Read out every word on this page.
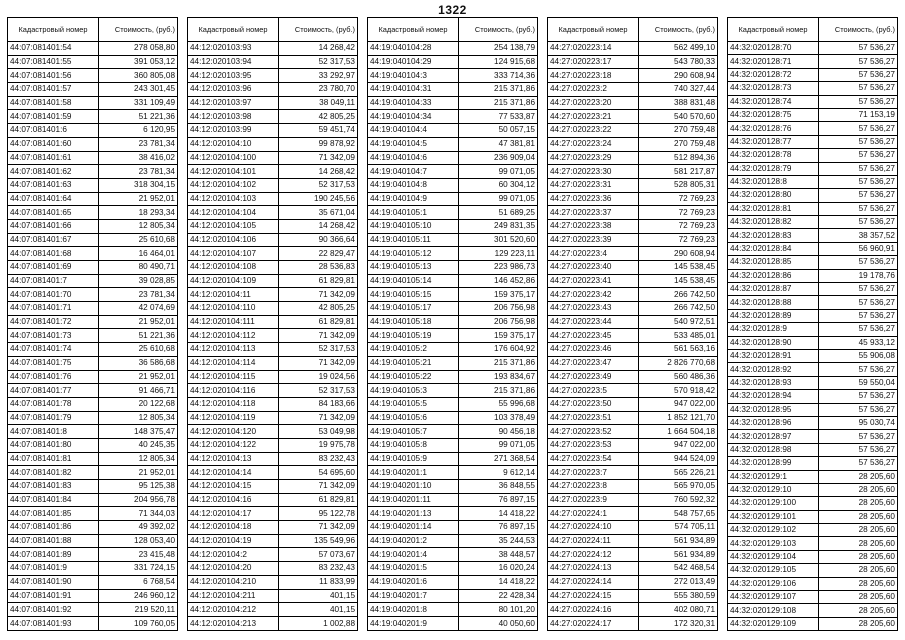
1322
Кадастровый номер	Стоимость, (руб.)
44:07:081401:54	278 058,80
44:07:081401:55	391 053,12
44:07:081401:56	360 805,08
44:07:081401:57	243 301,45
44:07:081401:58	331 109,49
44:07:081401:59	51 221,36
44:07:081401:6	6 120,95
44:07:081401:60	23 781,34
44:07:081401:61	38 416,02
44:07:081401:62	23 781,34
44:07:081401:63	318 304,15
44:07:081401:64	21 952,01
44:07:081401:65	18 293,34
44:07:081401:66	12 805,34
44:07:081401:67	25 610,68
44:07:081401:68	16 464,01
44:07:081401:69	80 490,71
44:07:081401:7	39 028,85
44:07:081401:70	23 781,34
44:07:081401:71	42 074,69
44:07:081401:72	21 952,01
44:07:081401:73	51 221,36
44:07:081401:74	25 610,68
44:07:081401:75	36 586,68
44:07:081401:76	21 952,01
44:07:081401:77	91 466,71
44:07:081401:78	20 122,68
44:07:081401:79	12 805,34
44:07:081401:8	148 375,47
44:07:081401:80	40 245,35
44:07:081401:81	12 805,34
44:07:081401:82	21 952,01
44:07:081401:83	95 125,38
44:07:081401:84	204 956,78
44:07:081401:85	71 344,03
44:07:081401:86	49 392,02
44:07:081401:88	128 053,40
44:07:081401:89	23 415,48
44:07:081401:9	331 724,15
44:07:081401:90	6 768,54
44:07:081401:91	246 960,12
44:07:081401:92	219 520,11
44:07:081401:93	109 760,05
Кадастровый номер	Стоимость, (руб.)
44:12:020103:93	14 268,42
44:12:020103:94	52 317,53
44:12:020103:95	33 292,97
44:12:020103:96	23 780,70
44:12:020103:97	38 049,11
44:12:020103:98	42 805,25
44:12:020103:99	59 451,74
44:12:020104:10	99 878,92
44:12:020104:100	71 342,09
44:12:020104:101	14 268,42
44:12:020104:102	52 317,53
44:12:020104:103	190 245,56
44:12:020104:104	35 671,04
44:12:020104:105	14 268,42
44:12:020104:106	90 366,64
44:12:020104:107	22 829,47
44:12:020104:108	28 536,83
44:12:020104:109	61 829,81
44:12:020104:11	71 342,09
44:12:020104:110	42 805,25
44:12:020104:111	61 829,81
44:12:020104:112	71 342,09
44:12:020104:113	52 317,53
44:12:020104:114	71 342,09
44:12:020104:115	19 024,56
44:12:020104:116	52 317,53
44:12:020104:118	84 183,66
44:12:020104:119	71 342,09
44:12:020104:120	53 049,98
44:12:020104:122	19 975,78
44:12:020104:13	83 232,43
44:12:020104:14	54 695,60
44:12:020104:15	71 342,09
44:12:020104:16	61 829,81
44:12:020104:17	95 122,78
44:12:020104:18	71 342,09
44:12:020104:19	135 549,96
44:12:020104:2	57 073,67
44:12:020104:20	83 232,43
44:12:020104:210	11 833,99
44:12:020104:211	401,15
44:12:020104:212	401,15
44:12:020104:213	1 002,88
Кадастровый номер	Стоимость, (руб.)
44:19:040104:28	254 138,79
44:19:040104:29	124 915,68
44:19:040104:3	333 714,36
44:19:040104:31	215 371,86
44:19:040104:33	215 371,86
44:19:040104:34	77 533,87
44:19:040104:4	50 057,15
44:19:040104:5	47 381,81
44:19:040104:6	236 909,04
44:19:040104:7	99 071,05
44:19:040104:8	60 304,12
44:19:040104:9	99 071,05
44:19:040105:1	51 689,25
44:19:040105:10	249 831,35
44:19:040105:11	301 520,60
44:19:040105:12	129 223,11
44:19:040105:13	223 986,73
44:19:040105:14	146 452,86
44:19:040105:15	159 375,17
44:19:040105:17	206 756,98
44:19:040105:18	206 756,98
44:19:040105:19	159 375,17
44:19:040105:2	176 604,92
44:19:040105:21	215 371,86
44:19:040105:22	193 834,67
44:19:040105:3	215 371,86
44:19:040105:5	55 996,68
44:19:040105:6	103 378,49
44:19:040105:7	90 456,18
44:19:040105:8	99 071,05
44:19:040105:9	271 368,54
44:19:040201:1	9 612,14
44:19:040201:10	36 848,55
44:19:040201:11	76 897,15
44:19:040201:13	14 418,22
44:19:040201:14	76 897,15
44:19:040201:2	35 244,53
44:19:040201:4	38 448,57
44:19:040201:5	16 020,24
44:19:040201:6	14 418,22
44:19:040201:7	22 428,34
44:19:040201:8	80 101,20
44:19:040201:9	40 050,60
Кадастровый номер	Стоимость, (руб.)
44:27:020223:14	562 499,10
44:27:020223:17	543 780,33
44:27:020223:18	290 608,94
44:27:020223:2	740 327,44
44:27:020223:20	388 831,48
44:27:020223:21	540 570,60
44:27:020223:22	270 759,48
44:27:020223:24	270 759,48
44:27:020223:29	512 894,36
44:27:020223:30	581 217,87
44:27:020223:31	528 805,31
44:27:020223:36	72 769,23
44:27:020223:37	72 769,23
44:27:020223:38	72 769,23
44:27:020223:39	72 769,23
44:27:020223:4	290 608,94
44:27:020223:40	145 538,45
44:27:020223:41	145 538,45
44:27:020223:42	266 742,50
44:27:020223:43	266 742,50
44:27:020223:44	540 972,51
44:27:020223:45	533 485,01
44:27:020223:46	561 563,16
44:27:020223:47	2 826 770,68
44:27:020223:49	560 486,36
44:27:020223:5	570 918,42
44:27:020223:50	947 022,00
44:27:020223:51	1 852 121,70
44:27:020223:52	1 664 504,18
44:27:020223:53	947 022,00
44:27:020223:54	944 524,09
44:27:020223:7	565 226,21
44:27:020223:8	565 970,05
44:27:020223:9	760 592,32
44:27:020224:1	548 757,65
44:27:020224:10	574 705,11
44:27:020224:11	561 934,89
44:27:020224:12	561 934,89
44:27:020224:13	542 468,54
44:27:020224:14	272 013,49
44:27:020224:15	555 380,59
44:27:020224:16	402 080,71
44:27:020224:17	172 320,31
Кадастровый номер	Стоимость, (руб.)
44:32:020128:70	57 536,27
44:32:020128:71	57 536,27
44:32:020128:72	57 536,27
44:32:020128:73	57 536,27
44:32:020128:74	57 536,27
44:32:020128:75	71 153,19
44:32:020128:76	57 536,27
44:32:020128:77	57 536,27
44:32:020128:78	57 536,27
44:32:020128:79	57 536,27
44:32:020128:8	57 536,27
44:32:020128:80	57 536,27
44:32:020128:81	57 536,27
44:32:020128:82	57 536,27
44:32:020128:83	38 357,52
44:32:020128:84	56 960,91
44:32:020128:85	57 536,27
44:32:020128:86	19 178,76
44:32:020128:87	57 536,27
44:32:020128:88	57 536,27
44:32:020128:89	57 536,27
44:32:020128:9	57 536,27
44:32:020128:90	45 933,12
44:32:020128:91	55 906,08
44:32:020128:92	57 536,27
44:32:020128:93	59 550,04
44:32:020128:94	57 536,27
44:32:020128:95	57 536,27
44:32:020128:96	95 030,74
44:32:020128:97	57 536,27
44:32:020128:98	57 536,27
44:32:020128:99	57 536,27
44:32:020129:1	28 205,60
44:32:020129:10	28 205,60
44:32:020129:100	28 205,60
44:32:020129:101	28 205,60
44:32:020129:102	28 205,60
44:32:020129:103	28 205,60
44:32:020129:104	28 205,60
44:32:020129:105	28 205,60
44:32:020129:106	28 205,60
44:32:020129:107	28 205,60
44:32:020129:108	28 205,60
44:32:020129:109	28 205,60
